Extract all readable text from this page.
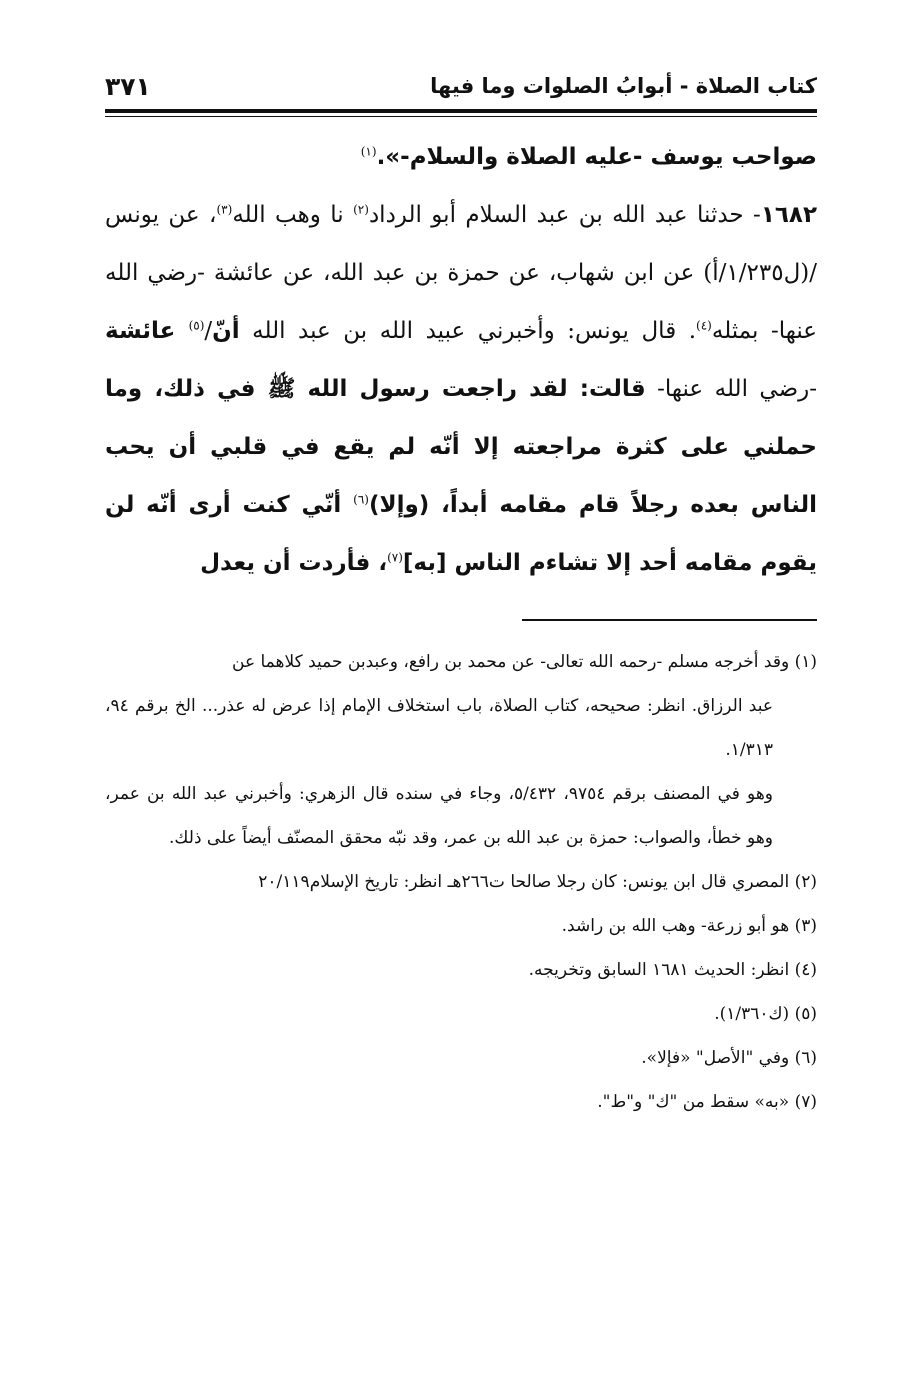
كتاب الصلاة - أبوابُ الصلوات وما فيها
٣٧١

صواحب يوسف -عليه الصلاة والسلام-».$^{(١)}$

١٦٨٢- حدثنا عبد الله بن عبد السلام أبو الرداد$^{(٢)}$ نا وهب الله$^{(٣)}$، عن يونس /(ل١/٢٣٥/أ) عن ابن شهاب، عن حمزة بن عبد الله، عن عائشة -رضي الله عنها- بمثله$^{(٤)}$. قال يونس: وأخبرني عبيد الله بن عبد الله أنّ/$^{(٥)}$ عائشة -رضي الله عنها- قالت: لقد راجعت رسول الله ﷺ في ذلك، وما حملني على كثرة مراجعته إلا أنّه لم يقع في قلبي أن يحب الناس بعده رجلاً قام مقامه أبداً، (وإلا)$^{(٦)}$ أنّي كنت أرى أنّه لن يقوم مقامه أحد إلا تشاءم الناس [به]$^{(٧)}$، فأردت أن يعدل

(١) وقد أخرجه مسلم -رحمه الله تعالى- عن محمد بن رافع، وعبدبن حميد كلاهما عن

عبد الرزاق. انظر: صحيحه، كتاب الصلاة، باب استخلاف الإمام إذا عرض له عذر... الخ برقم ٩٤، ١/٣١٣.

وهو في المصنف برقم ٩٧٥٤، ٥/٤٣٢، وجاء في سنده قال الزهري: وأخبرني عبد الله بن عمر، وهو خطأ، والصواب: حمزة بن عبد الله بن عمر، وقد نبّه محقق المصنّف أيضاً على ذلك.

(٢) المصري قال ابن يونس: كان رجلا صالحا ت٢٦٦هـ انظر: تاريخ الإسلام٢٠/١١٩

(٣) هو أبو زرعة- وهب الله بن راشد.

(٤) انظر: الحديث ١٦٨١ السابق وتخريجه.

(٥) (ك١/٣٦٠).

(٦) وفي "الأصل" «فإلا».

(٧) «به» سقط من "ك" و"ط".
